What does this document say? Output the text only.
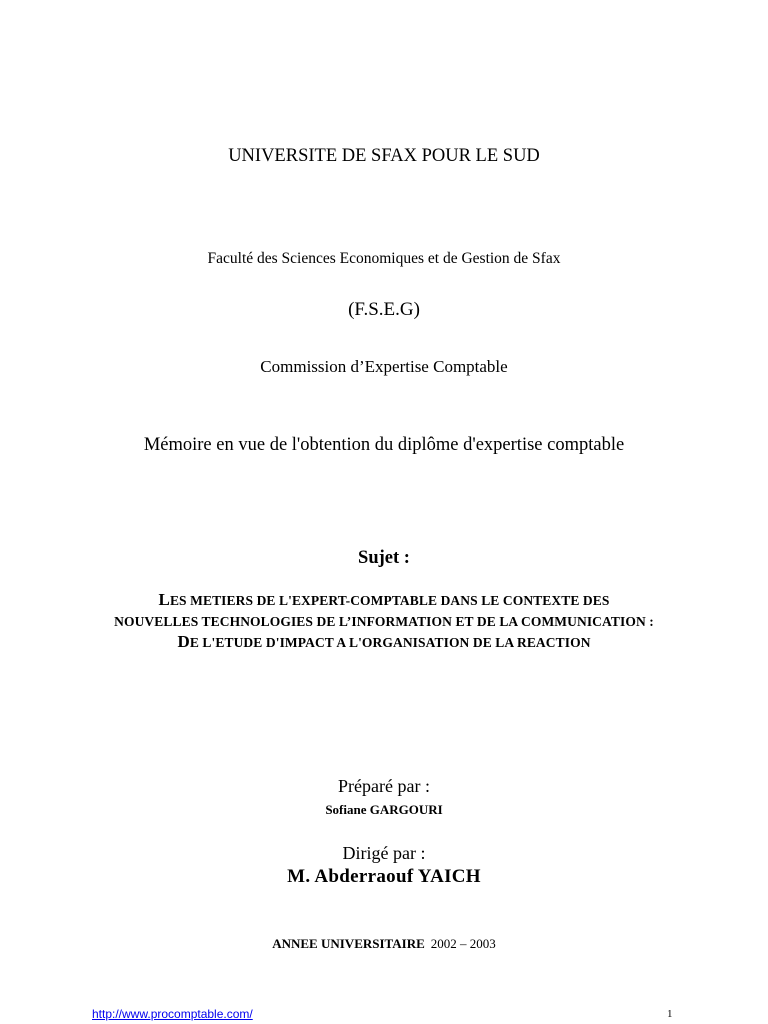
UNIVERSITE DE SFAX POUR LE SUD
Faculté des Sciences Economiques et de Gestion de Sfax
(F.S.E.G)
Commission d’Expertise Comptable
Mémoire en vue de l'obtention du diplôme d'expertise comptable
Sujet :
LES METIERS DE L'EXPERT-COMPTABLE DANS LE CONTEXTE DES
NOUVELLES TECHNOLOGIES DE L’INFORMATION ET DE LA COMMUNICATION :
DE L'ETUDE D'IMPACT A L'ORGANISATION DE LA REACTION
Préparé par :
Sofiane GARGOURI
Dirigé par :
M. Abderraouf YAICH
ANNEE UNIVERSITAIRE 2002 – 2003
http://www.procomptable.com/	1
